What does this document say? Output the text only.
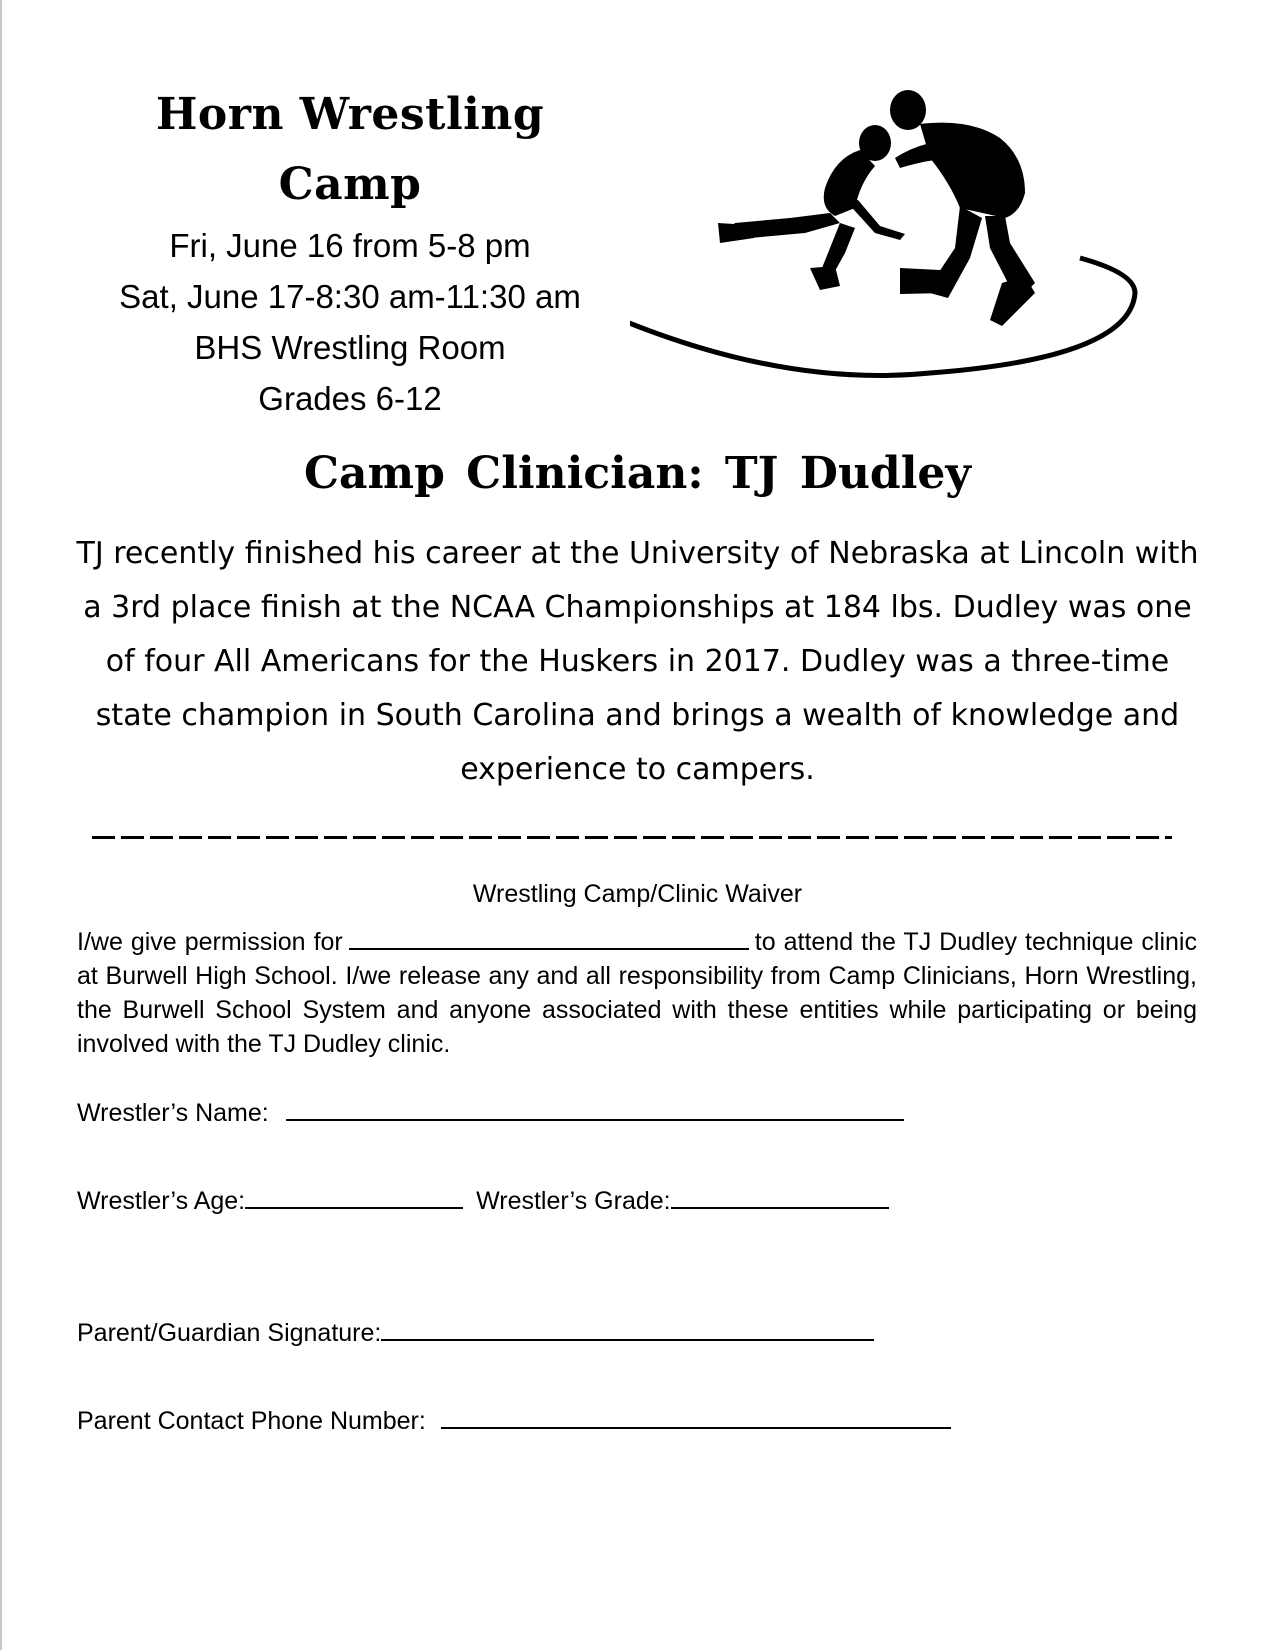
Horn Wrestling

Camp

Fri, June 16 from 5-8 pm

Sat, June 17-8:30 am-11:30 am

BHS Wrestling Room

Grades 6-12

Camp Clinician: TJ Dudley

TJ recently finished his career at the University of Nebraska at Lincoln with a 3rd place finish at the NCAA Championships at 184 lbs. Dudley was one of four All Americans for the Huskers in 2017. Dudley was a three-time state champion in South Carolina and brings a wealth of knowledge and experience to campers.

Wrestling Camp/Clinic Waiver

I/we give permission for	to attend the TJ Dudley technique clinic at Burwell High School. I/we release any and all responsibility from Camp Clinicians, Horn Wrestling, the Burwell School System and anyone associated with these entities while participating or being involved with the TJ Dudley clinic.

Wrestler’s Name:
Wrestler’s Age:	Wrestler’s Grade:
Parent/Guardian Signature:
Parent Contact Phone Number:
